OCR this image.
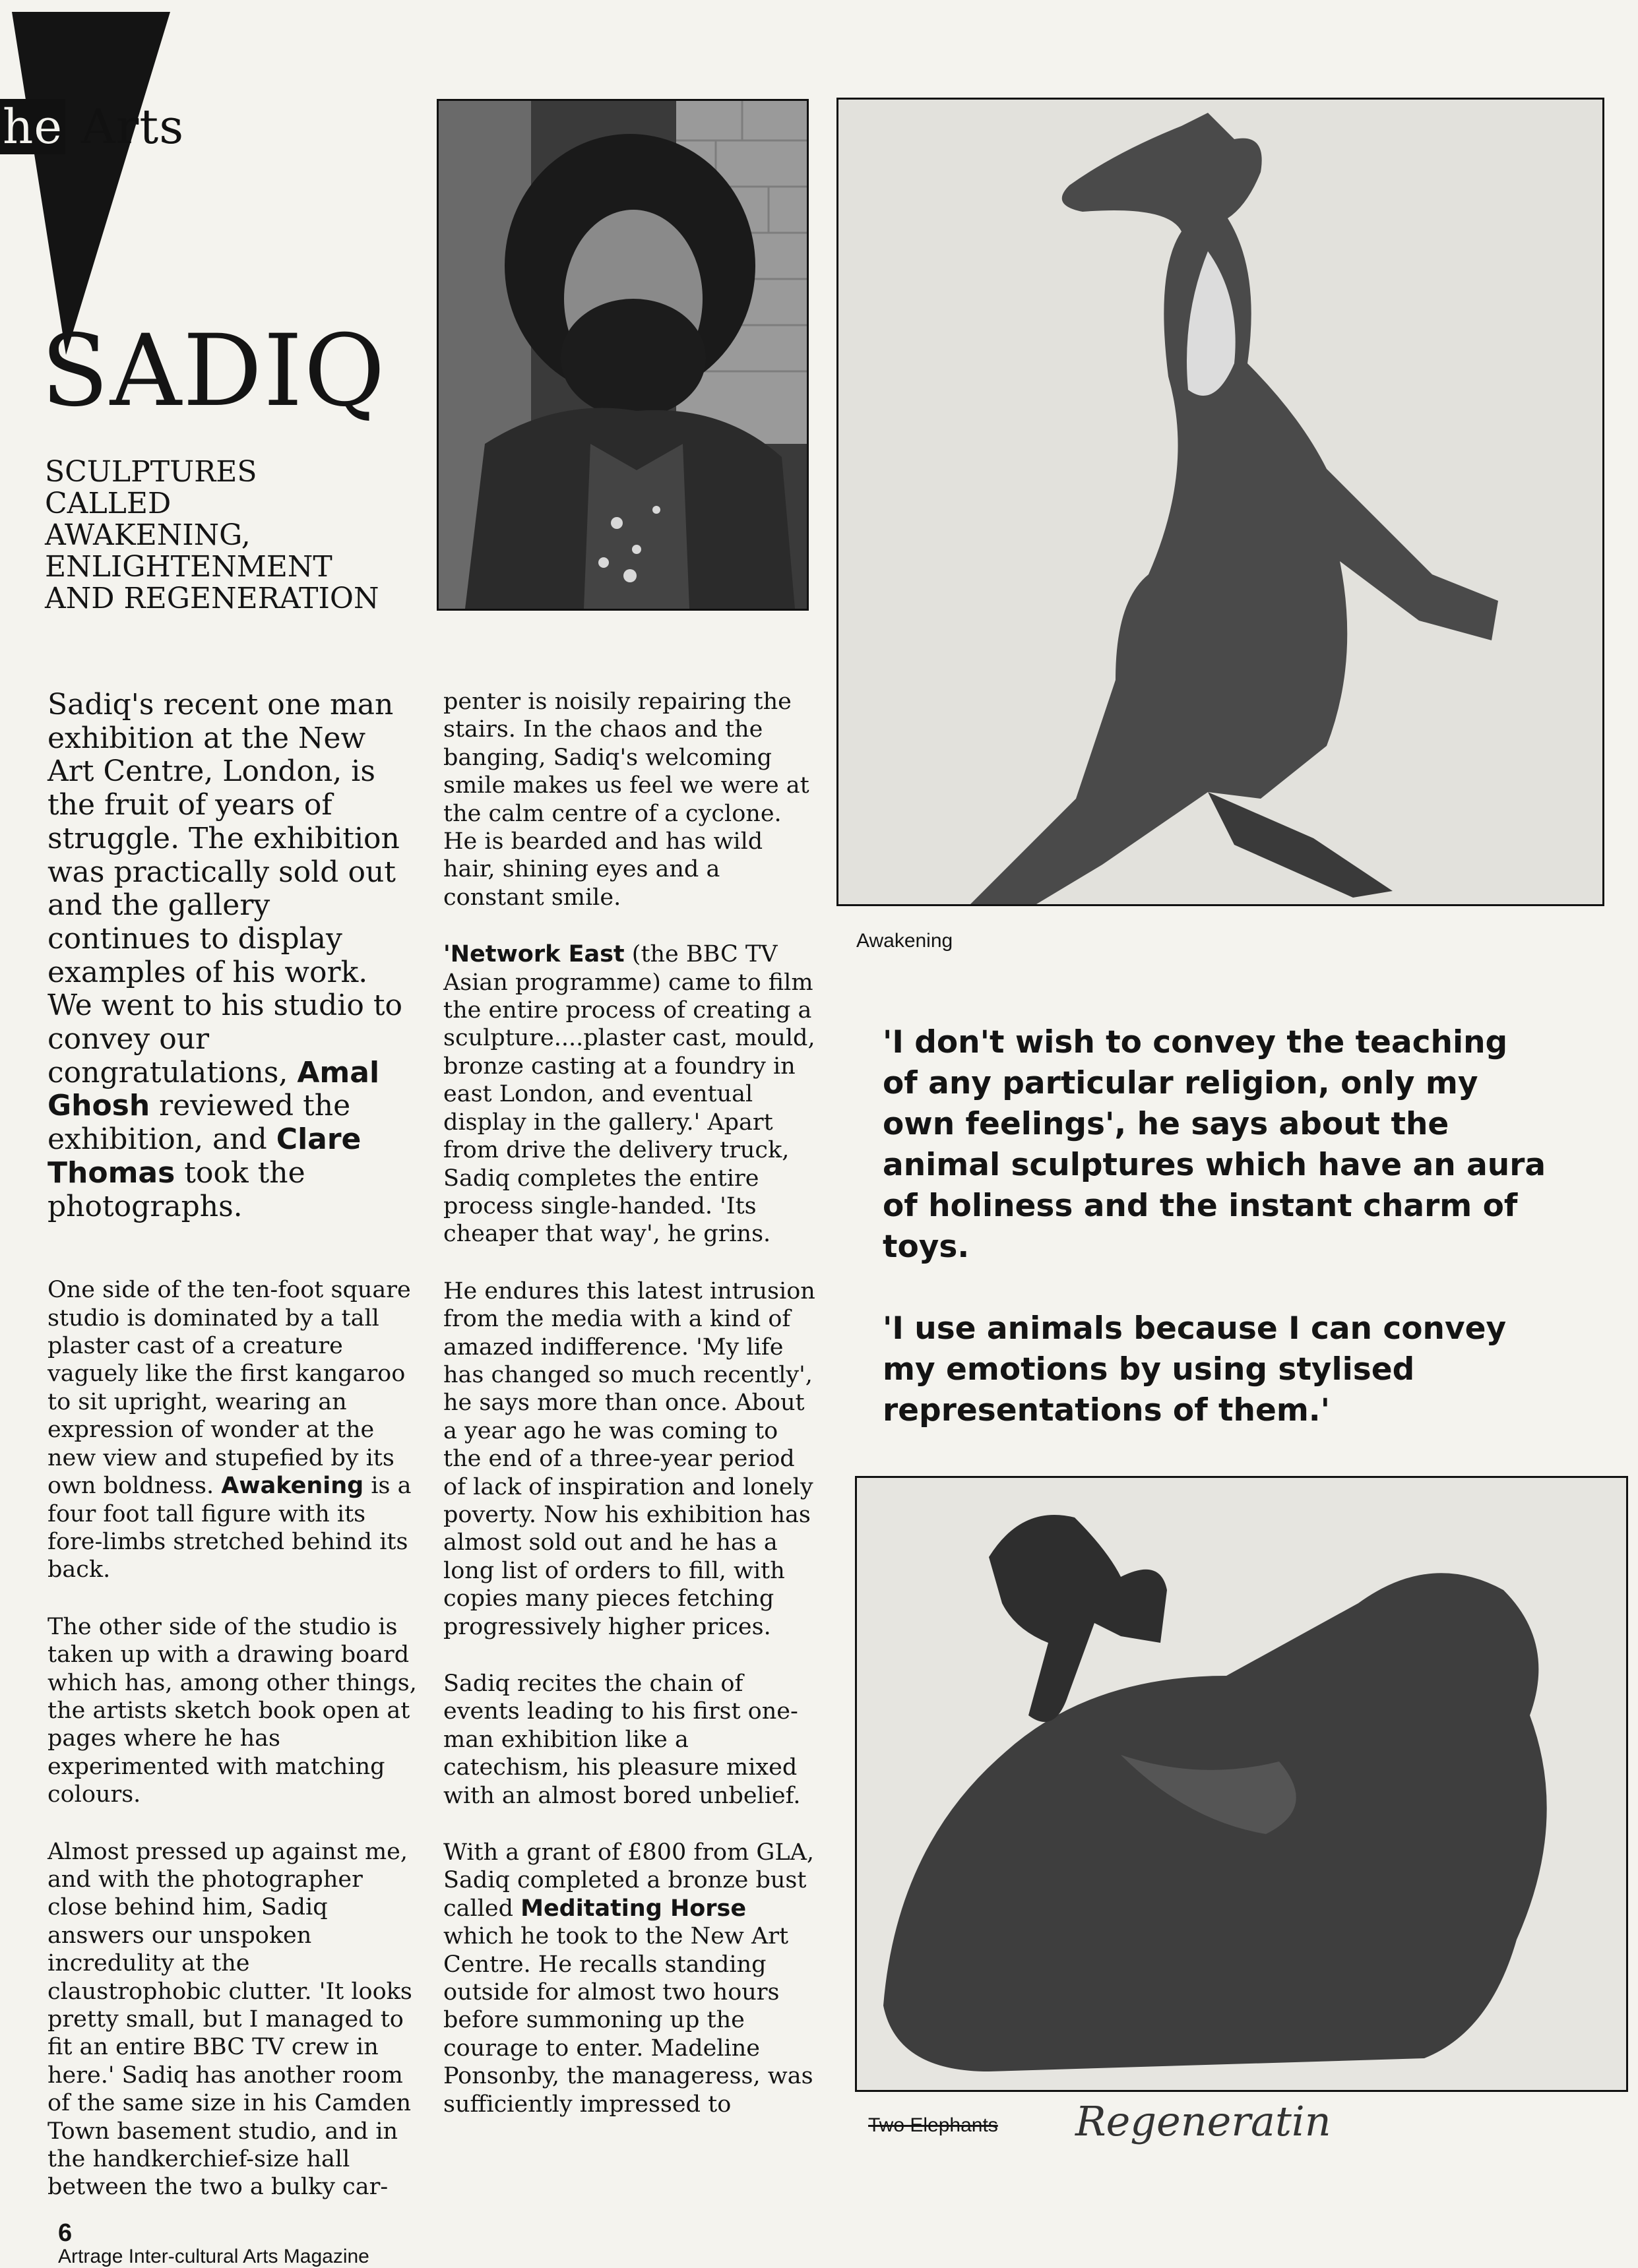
he Arts
SADIQ
SCULPTURES
CALLED
AWAKENING,
ENLIGHTENMENT
AND REGENERATION
Awakening

Sadiq's recent one man exhibition at the New Art Centre, London, is the fruit of years of struggle. The exhibition was practically sold out and the gallery continues to display examples of his work. We went to his studio to convey our congratulations, Amal Ghosh reviewed the exhibition, and Clare Thomas took the photographs.

One side of the ten-foot square studio is dominated by a tall plaster cast of a creature vaguely like the first kangaroo to sit upright, wearing an expression of wonder at the new view and stupefied by its own boldness. Awakening is a four foot tall figure with its fore-limbs stretched behind its back.

The other side of the studio is taken up with a drawing board which has, among other things, the artists sketch book open at pages where he has experimented with matching colours.

Almost pressed up against me, and with the photographer close behind him, Sadiq answers our unspoken incredulity at the claustrophobic clutter. 'It looks pretty small, but I managed to fit an entire BBC TV crew in here.' Sadiq has another room of the same size in his Camden Town basement studio, and in the handkerchief-size hall between the two a bulky car-

penter is noisily repairing the stairs. In the chaos and the banging, Sadiq's welcoming smile makes us feel we were at the calm centre of a cyclone. He is bearded and has wild hair, shining eyes and a constant smile.

'Network East (the BBC TV Asian programme) came to film the entire process of creating a sculpture....plaster cast, mould, bronze casting at a foundry in east London, and eventual display in the gallery.' Apart from drive the delivery truck, Sadiq completes the entire process single-handed. 'Its cheaper that way', he grins.

He endures this latest intrusion from the media with a kind of amazed indifference. 'My life has changed so much recently', he says more than once. About a year ago he was coming to the end of a three-year period of lack of inspiration and lonely poverty. Now his exhibition has almost sold out and he has a long list of orders to fill, with copies many pieces fetching progressively higher prices.

Sadiq recites the chain of events leading to his first one-man exhibition like a catechism, his pleasure mixed with an almost bored unbelief.

With a grant of £800 from GLA, Sadiq completed a bronze bust called Meditating Horse which he took to the New Art Centre. He recalls standing outside for almost two hours before summoning up the courage to enter. Madeline Ponsonby, the manageress, was sufficiently impressed to

'I don't wish to convey the teaching of any particular religion, only my own feelings', he says about the animal sculptures which have an aura of holiness and the instant charm of toys.

'I use animals because I can convey my emotions by using stylised representations of them.'

Two Elephants Regeneratin
6
Artrage Inter-cultural Arts Magazine
